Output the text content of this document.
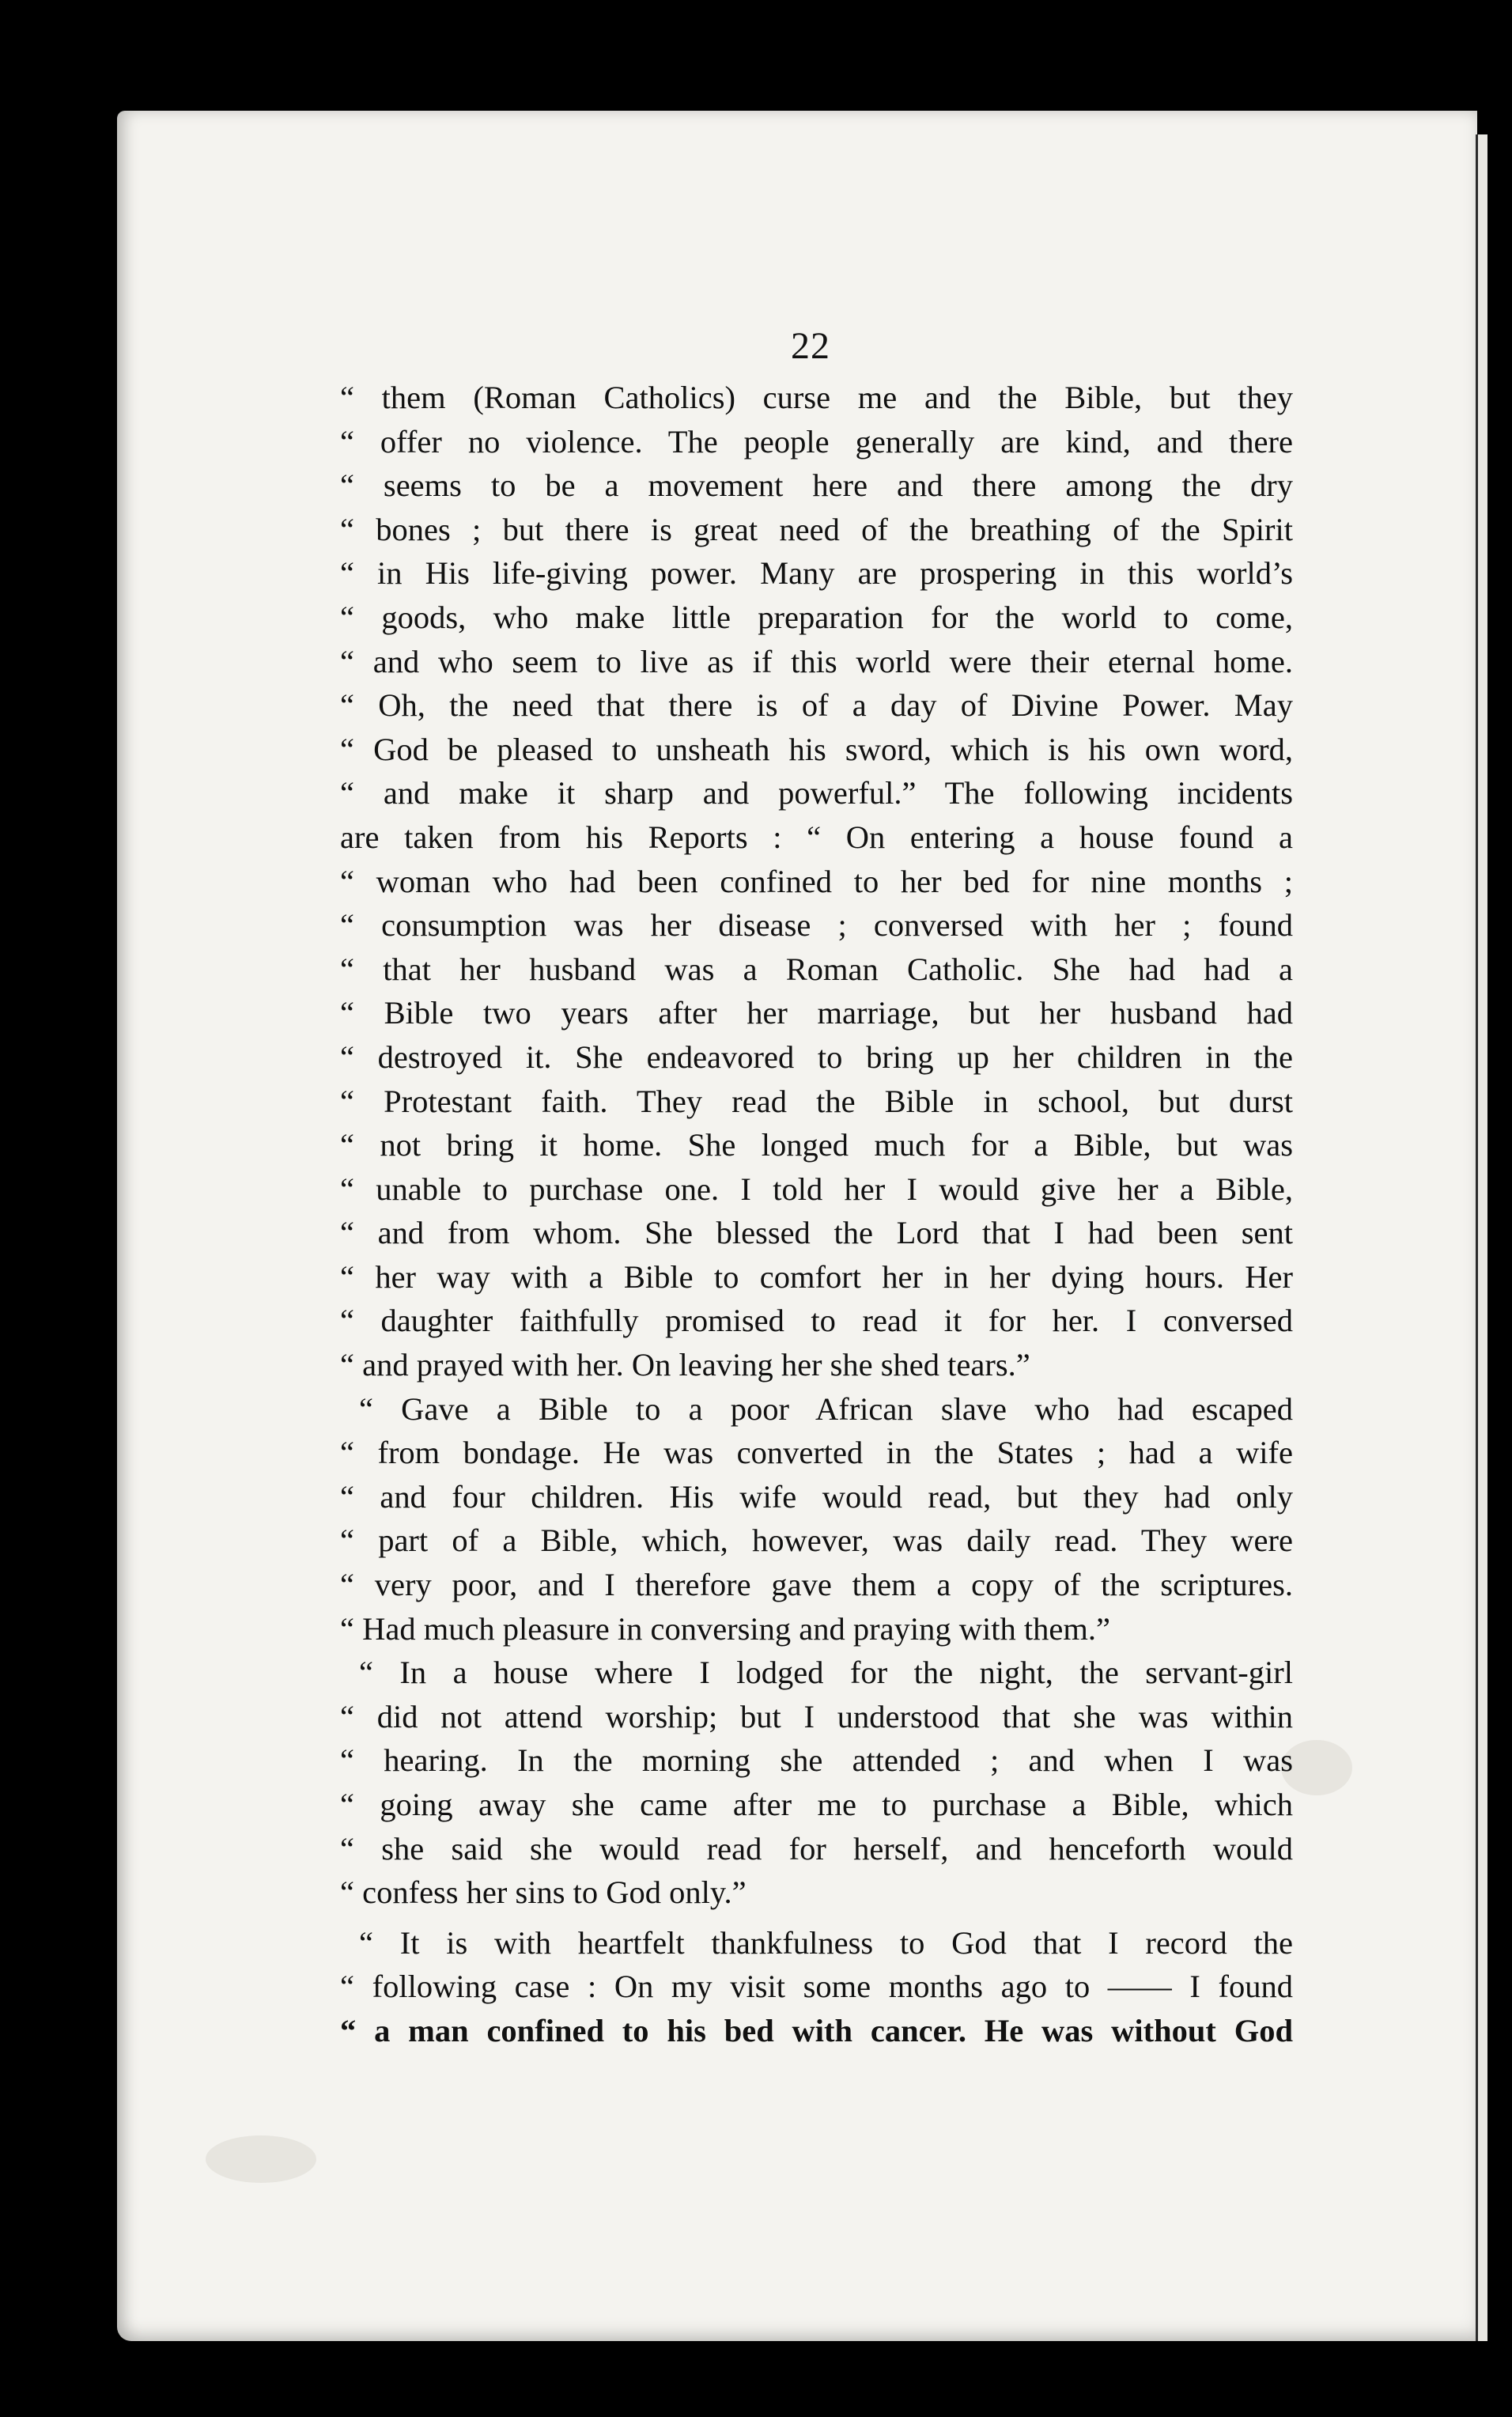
22
“ them (Roman Catholics) curse me and the Bible, but they
“ offer no violence. The people generally are kind, and there
“ seems to be a movement here and there among the dry
“ bones ; but there is great need of the breathing of the Spirit
“ in His life-giving power. Many are prospering in this world’s
“ goods, who make little preparation for the world to come,
“ and who seem to live as if this world were their eternal home.
“ Oh, the need that there is of a day of Divine Power. May
“ God be pleased to unsheath his sword, which is his own word,
“ and make it sharp and powerful.” The following incidents
are taken from his Reports : “ On entering a house found a
“ woman who had been confined to her bed for nine months ;
“ consumption was her disease ; conversed with her ; found
“ that her husband was a Roman Catholic. She had had a
“ Bible two years after her marriage, but her husband had
“ destroyed it. She endeavored to bring up her children in the
“ Protestant faith. They read the Bible in school, but durst
“ not bring it home. She longed much for a Bible, but was
“ unable to purchase one. I told her I would give her a Bible,
“ and from whom. She blessed the Lord that I had been sent
“ her way with a Bible to comfort her in her dying hours. Her
“ daughter faithfully promised to read it for her. I conversed
“ and prayed with her. On leaving her she shed tears.”
“ Gave a Bible to a poor African slave who had escaped
“ from bondage. He was converted in the States ; had a wife
“ and four children. His wife would read, but they had only
“ part of a Bible, which, however, was daily read. They were
“ very poor, and I therefore gave them a copy of the scriptures.
“ Had much pleasure in conversing and praying with them.”
“ In a house where I lodged for the night, the servant-girl
“ did not attend worship; but I understood that she was within
“ hearing. In the morning she attended ; and when I was
“ going away she came after me to purchase a Bible, which
“ she said she would read for herself, and henceforth would
“ confess her sins to God only.”
“ It is with heartfelt thankfulness to God that I record the
“ following case : On my visit some months ago to —— I found
“ a man confined to his bed with cancer. He was without God
